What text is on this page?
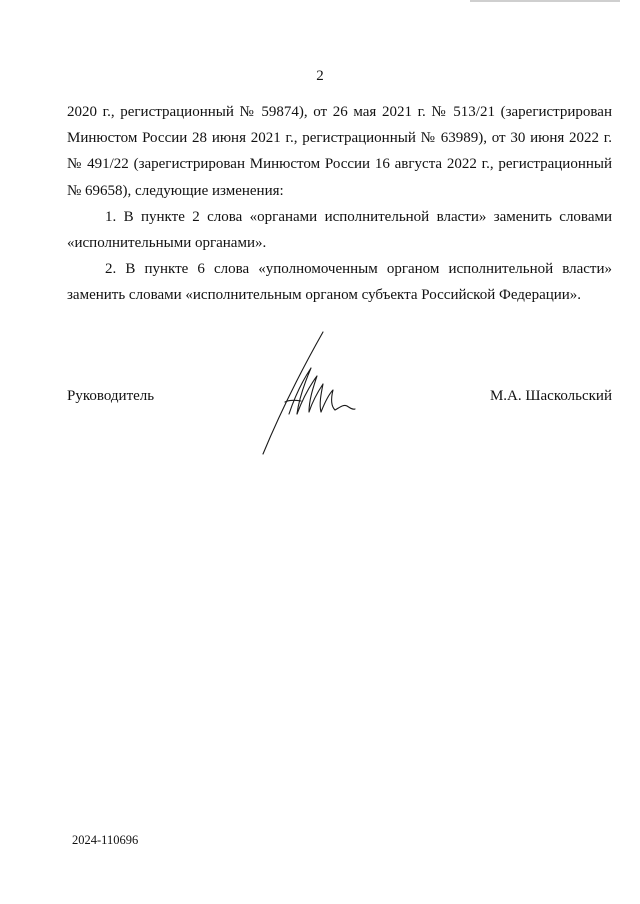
2

2020 г., регистрационный № 59874), от 26 мая 2021 г. № 513/21 (зарегистрирован Минюстом России 28 июня 2021 г., регистрационный № 63989), от 30 июня 2022 г. № 491/22 (зарегистрирован Минюстом России 16 августа 2022 г., регистрационный № 69658), следующие изменения:

1. В пункте 2 слова «органами исполнительной власти» заменить словами «исполнительными органами».

2. В пункте 6 слова «уполномоченным органом исполнительной власти» заменить словами «исполнительным органом субъекта Российской Федерации».

Руководитель	М.А. Шаскольский
2024-110696
